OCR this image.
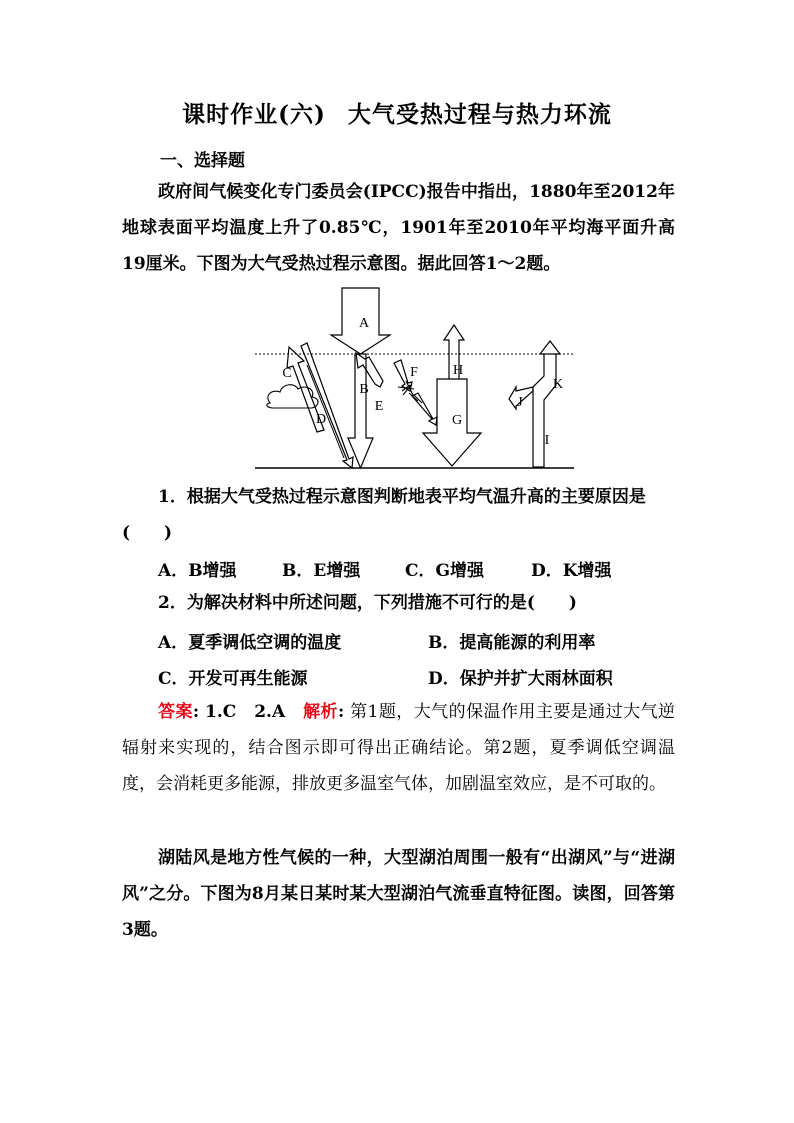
课时作业(六) 大气受热过程与热力环流
一、选择题
政府间气候变化专门委员会(IPCC)报告中指出，1880年至2012年地球表面平均温度上升了0.85℃，1901年至2010年平均海平面升高19厘米。下图为大气受热过程示意图。据此回答1～2题。
A
B
C
D
E
F
G
H
I
J
K
1．根据大气受热过程示意图判断地表平均气温升高的主要原因是(　　)
A．B增强	B．E增强	C．G增强	D．K增强
2．为解决材料中所述问题，下列措施不可行的是(　　)
A．夏季调低空调的温度	B．提高能源的利用率
C．开发可再生能源	D．保护并扩大雨林面积
答案: 1.C　2.A　 解析: 第1题，大气的保温作用主要是通过大气逆辐射来实现的，结合图示即可得出正确结论。第2题，夏季调低空调温度，会消耗更多能源，排放更多温室气体，加剧温室效应，是不可取的。
湖陆风是地方性气候的一种，大型湖泊周围一般有“出湖风”与“进湖风”之分。下图为8月某日某时某大型湖泊气流垂直特征图。读图，回答第3题。
